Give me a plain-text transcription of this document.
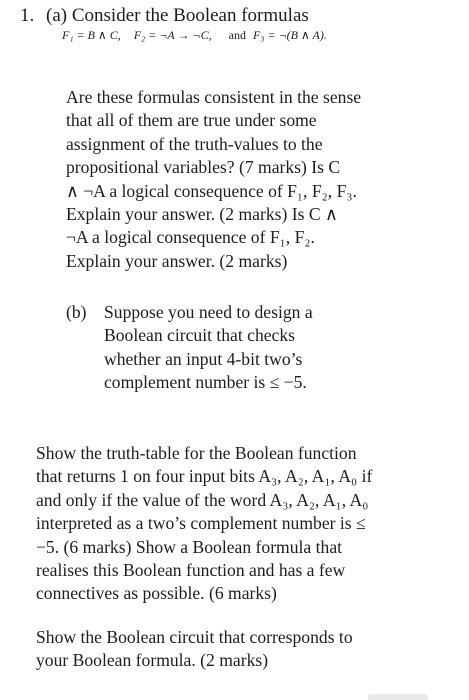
1. (a) Consider the Boolean formulas
F₁ = B ∧ C, F₂ = ¬A → ¬C, and F₃ = ¬(B ∧ A).
Are these formulas consistent in the sense
that all of them are true under some
assignment of the truth-values to the
propositional variables? (7 marks) Is C
∧ ¬A a logical consequence of F₁, F₂, F₃.
Explain your answer. (2 marks) Is C ∧
¬A a logical consequence of F₁, F₂.
Explain your answer. (2 marks)
(b) Suppose you need to design a
Boolean circuit that checks
whether an input 4-bit two’s
complement number is ≤ −5.
Show the truth-table for the Boolean function
that returns 1 on four input bits A₃, A₂, A₁, A₀ if
and only if the value of the word A₃, A₂, A₁, A₀
interpreted as a two’s complement number is ≤
−5. (6 marks) Show a Boolean formula that
realises this Boolean function and has a few
connectives as possible. (6 marks)
Show the Boolean circuit that corresponds to
your Boolean formula. (2 marks)
